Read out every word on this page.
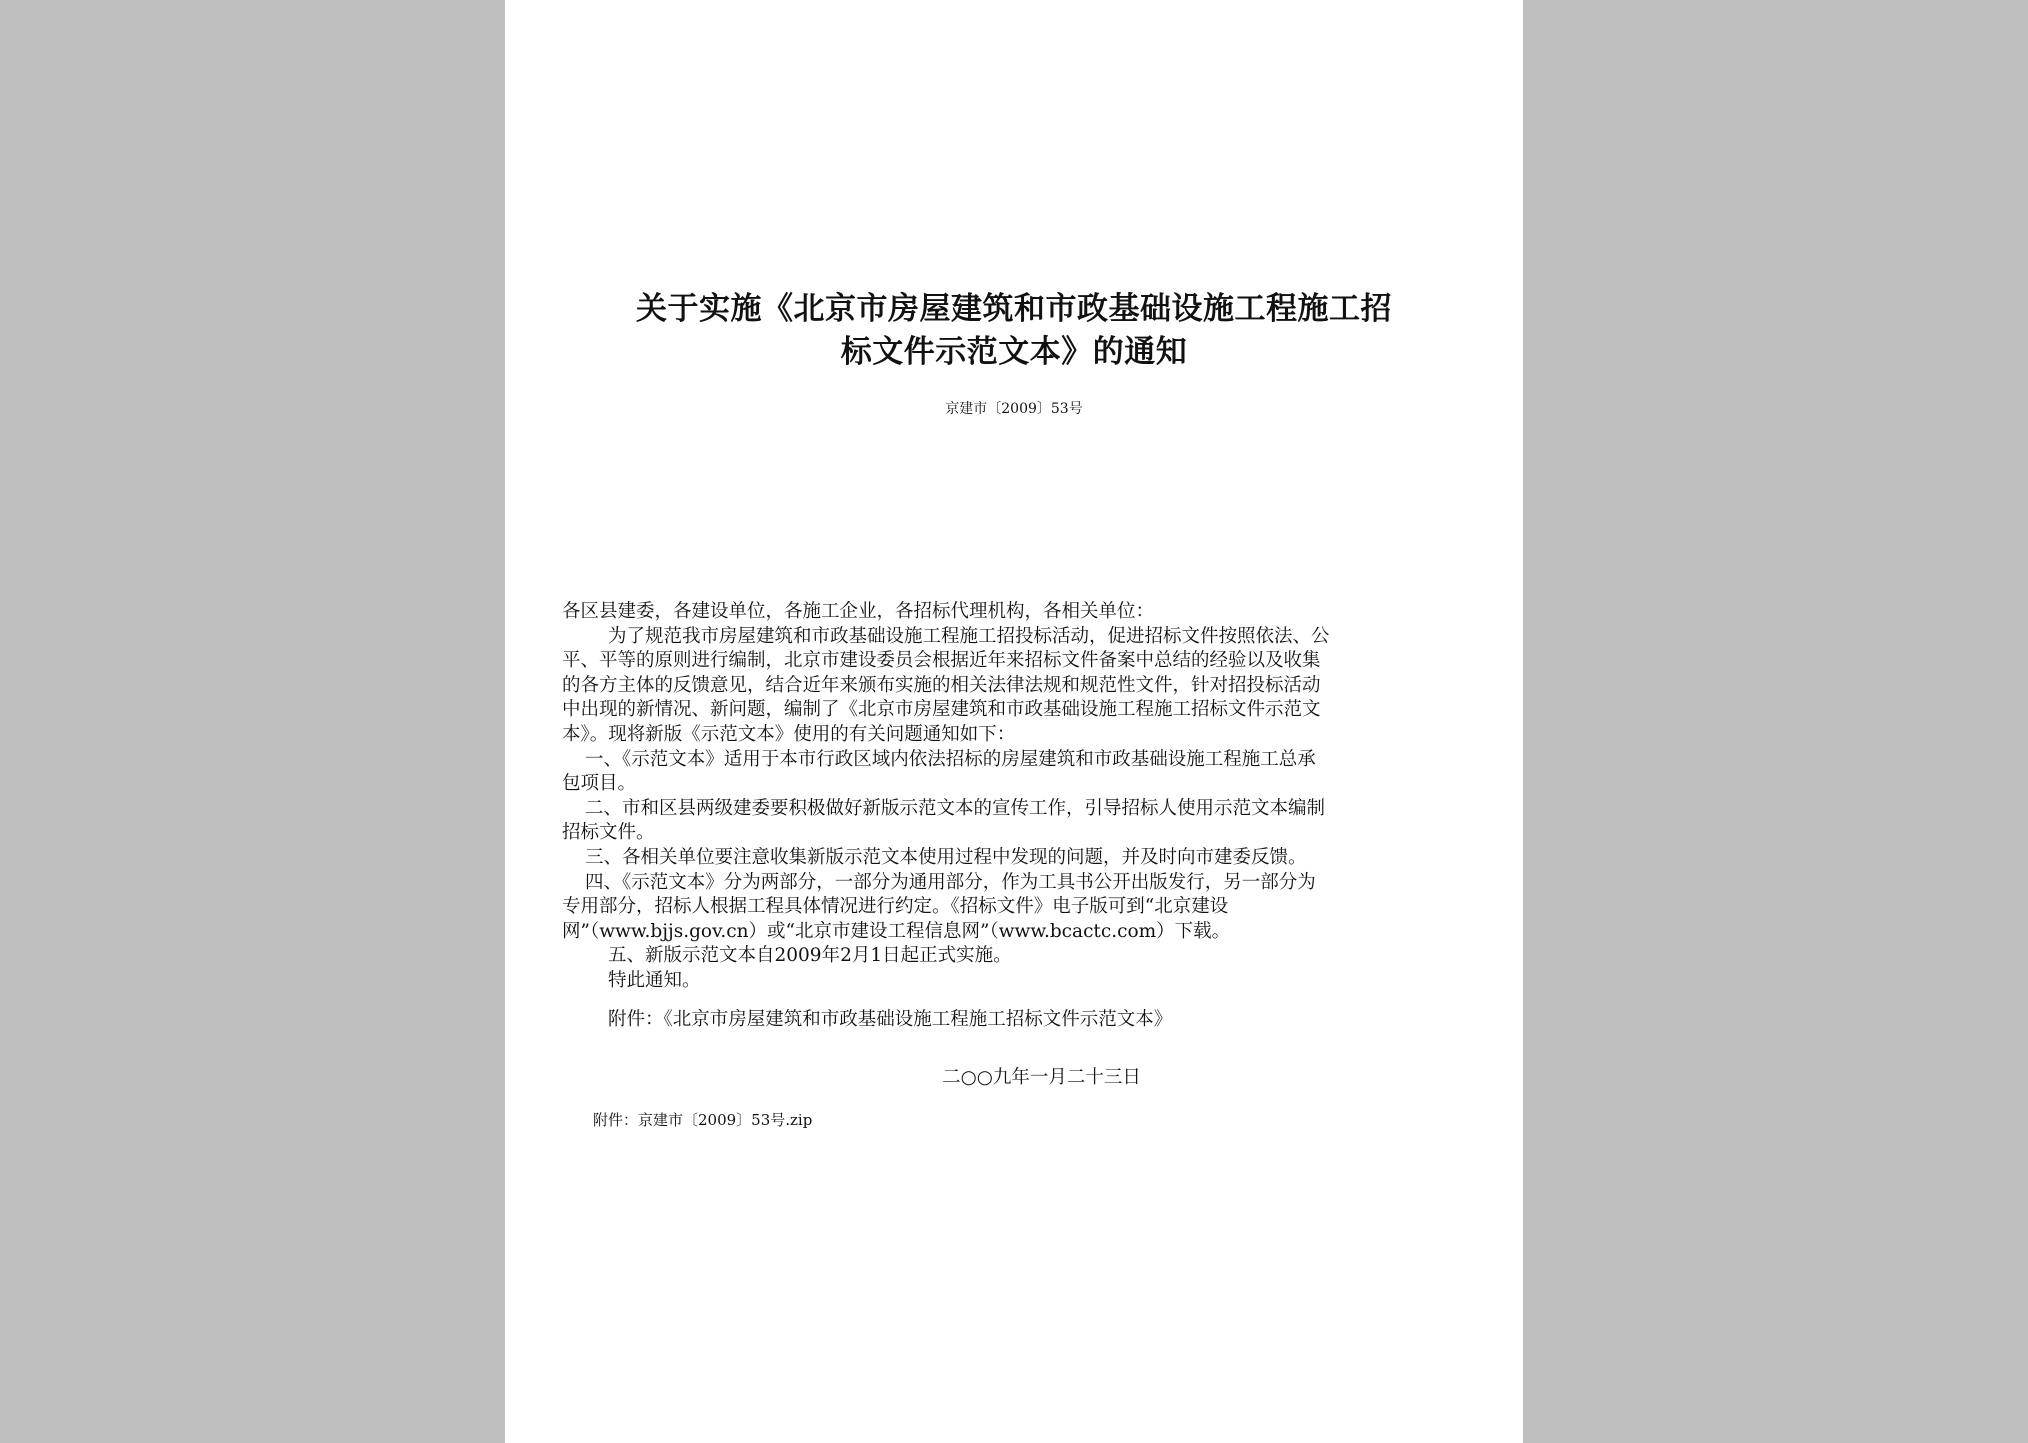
关于实施《北京市房屋建筑和市政基础设施工程施工招
标文件示范文本》的通知
京建市〔2009〕53号
各区县建委，各建设单位，各施工企业，各招标代理机构，各相关单位：
为了规范我市房屋建筑和市政基础设施工程施工招投标活动，促进招标文件按照依法、公
平、平等的原则进行编制，北京市建设委员会根据近年来招标文件备案中总结的经验以及收集
的各方主体的反馈意见，结合近年来颁布实施的相关法律法规和规范性文件，针对招投标活动
中出现的新情况、新问题，编制了《北京市房屋建筑和市政基础设施工程施工招标文件示范文
本》。现将新版《示范文本》使用的有关问题通知如下：
一、《示范文本》适用于本市行政区域内依法招标的房屋建筑和市政基础设施工程施工总承
包项目。
二、市和区县两级建委要积极做好新版示范文本的宣传工作，引导招标人使用示范文本编制
招标文件。
三、各相关单位要注意收集新版示范文本使用过程中发现的问题，并及时向市建委反馈。
四、《示范文本》分为两部分，一部分为通用部分，作为工具书公开出版发行，另一部分为
专用部分，招标人根据工程具体情况进行约定。《招标文件》电子版可到“北京建设
网”（www.bjjs.gov.cn）或“北京市建设工程信息网”（www.bcactc.com）下载。
五、新版示范文本自2009年2月1日起正式实施。
特此通知。
附件：《北京市房屋建筑和市政基础设施工程施工招标文件示范文本》
二○○九年一月二十三日
附件：京建市〔2009〕53号.zip
